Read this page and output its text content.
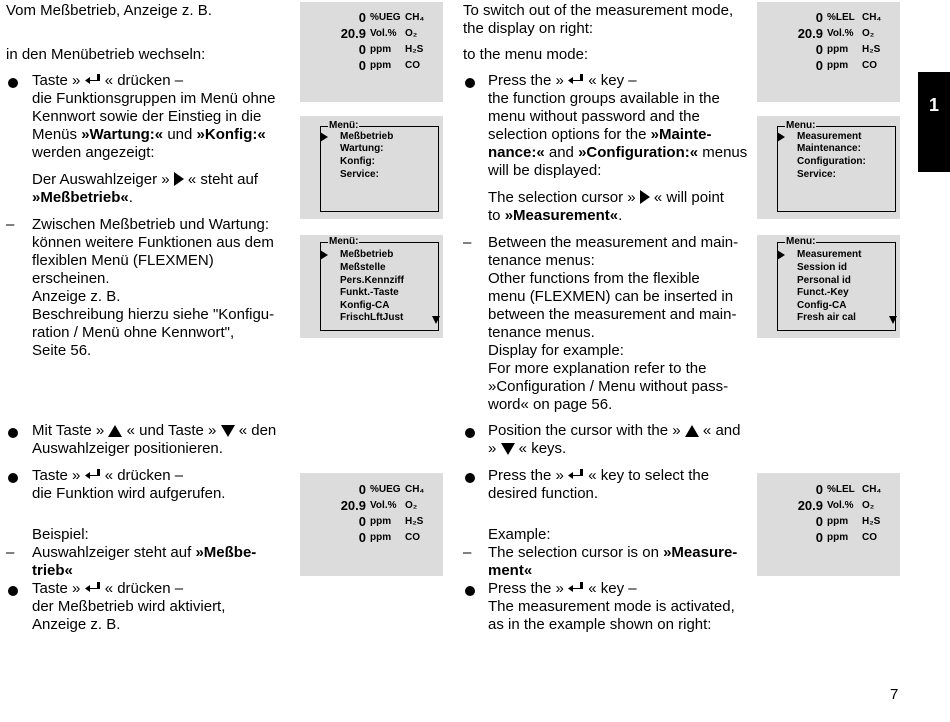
1
7
Vom Meßbetrieb, Anzeige z. B.
in den Menübetrieb wechseln:
Taste »  « drücken –
die Funktionsgruppen im Menü ohne
Kennwort sowie der Einstieg in die
Menüs »Wartung:« und »Konfig:«
werden angezeigt:
Der Auswahlzeiger »  « steht auf
»Meßbetrieb«.
– Zwischen Meßbetrieb und Wartung:
können weitere Funktionen aus dem
flexiblen Menü (FLEXMEN)
erscheinen.
Anzeige z. B.
Beschreibung hierzu siehe "Konfigu-
ration / Menü ohne Kennwort",
Seite 56.
Mit Taste »  « und Taste »  « den
Auswahlzeiger positionieren.
Taste »  « drücken –
die Funktion wird aufgerufen.
Beispiel:
– Auswahlzeiger steht auf »Meßbe-
trieb«
Taste »  « drücken –
der Meßbetrieb wird aktiviert,
Anzeige z. B.
To switch out of the measurement mode,
the display on right:
to the menu mode:
Press the »  « key –
the function groups available in the
menu without password and the
selection options for the »Mainte-
nance:« and »Configuration:« menus
will be displayed:
The selection cursor »  « will point
to »Measurement«.
– Between the measurement and main-
tenance menus:
Other functions from the flexible
menu (FLEXMEN) can be inserted in
between the measurement and main-
tenance menus.
Display for example:
For more explanation refer to the
»Configuration / Menu without pass-
word« on page 56.
Position the cursor with the »  « and
»  « keys.
Press the »  « key to select the
desired function.
Example:
– The selection cursor is on »Measure-
ment«
Press the »  « key –
The measurement mode is activated,
as in the example shown on right:
0 %UEG CH₄
20.9 Vol.% O₂
0 ppm H₂S
0 ppm CO
Menü:
Meßbetrieb
Wartung:
Konfig:
Service:
Menü:
Meßbetrieb
Meßstelle
Pers.Kennziff
Funkt.-Taste
Konfig-CA
FrischLftJust
0 %UEG CH₄
20.9 Vol.% O₂
0 ppm H₂S
0 ppm CO
0 %LEL CH₄
20.9 Vol.% O₂
0 ppm H₂S
0 ppm CO
Menu:
Measurement
Maintenance:
Configuration:
Service:
Menu:
Measurement
Session id
Personal id
Funct.-Key
Config-CA
Fresh air cal
0 %LEL CH₄
20.9 Vol.% O₂
0 ppm H₂S
0 ppm CO
